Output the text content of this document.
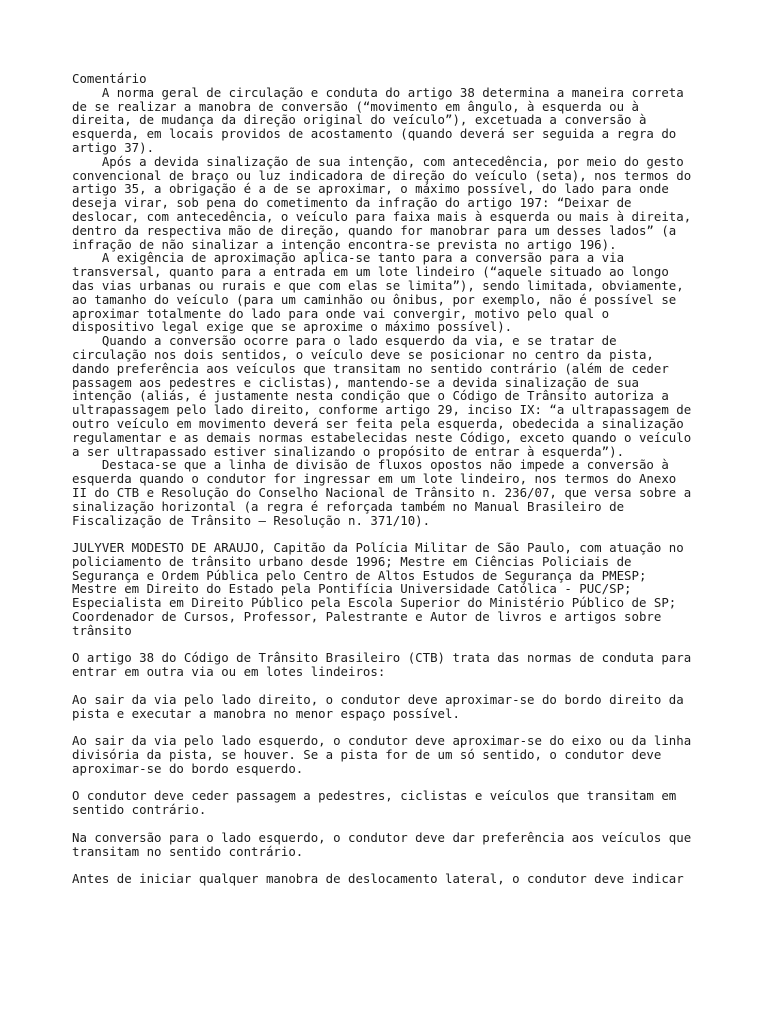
Comentário
A norma geral de circulação e conduta do artigo 38 determina a maneira correta
de se realizar a manobra de conversão (“movimento em ângulo, à esquerda ou à
direita, de mudança da direção original do veículo”), excetuada a conversão à
esquerda, em locais providos de acostamento (quando deverá ser seguida a regra do
artigo 37).
Após a devida sinalização de sua intenção, com antecedência, por meio do gesto
convencional de braço ou luz indicadora de direção do veículo (seta), nos termos do
artigo 35, a obrigação é a de se aproximar, o máximo possível, do lado para onde
deseja virar, sob pena do cometimento da infração do artigo 197: “Deixar de
deslocar, com antecedência, o veículo para faixa mais à esquerda ou mais à direita,
dentro da respectiva mão de direção, quando for manobrar para um desses lados” (a
infração de não sinalizar a intenção encontra-se prevista no artigo 196).
A exigência de aproximação aplica-se tanto para a conversão para a via
transversal, quanto para a entrada em um lote lindeiro (“aquele situado ao longo
das vias urbanas ou rurais e que com elas se limita”), sendo limitada, obviamente,
ao tamanho do veículo (para um caminhão ou ônibus, por exemplo, não é possível se
aproximar totalmente do lado para onde vai convergir, motivo pelo qual o
dispositivo legal exige que se aproxime o máximo possível).
Quando a conversão ocorre para o lado esquerdo da via, e se tratar de
circulação nos dois sentidos, o veículo deve se posicionar no centro da pista,
dando preferência aos veículos que transitam no sentido contrário (além de ceder
passagem aos pedestres e ciclistas), mantendo-se a devida sinalização de sua
intenção (aliás, é justamente nesta condição que o Código de Trânsito autoriza a
ultrapassagem pelo lado direito, conforme artigo 29, inciso IX: “a ultrapassagem de
outro veículo em movimento deverá ser feita pela esquerda, obedecida a sinalização
regulamentar e as demais normas estabelecidas neste Código, exceto quando o veículo
a ser ultrapassado estiver sinalizando o propósito de entrar à esquerda”).
Destaca-se que a linha de divisão de fluxos opostos não impede a conversão à
esquerda quando o condutor for ingressar em um lote lindeiro, nos termos do Anexo
II do CTB e Resolução do Conselho Nacional de Trânsito n. 236/07, que versa sobre a
sinalização horizontal (a regra é reforçada também no Manual Brasileiro de
Fiscalização de Trânsito – Resolução n. 371/10).
JULYVER MODESTO DE ARAUJO, Capitão da Polícia Militar de São Paulo, com atuação no
policiamento de trânsito urbano desde 1996; Mestre em Ciências Policiais de
Segurança e Ordem Pública pelo Centro de Altos Estudos de Segurança da PMESP;
Mestre em Direito do Estado pela Pontifícia Universidade Católica - PUC/SP;
Especialista em Direito Público pela Escola Superior do Ministério Público de SP;
Coordenador de Cursos, Professor, Palestrante e Autor de livros e artigos sobre
trânsito
O artigo 38 do Código de Trânsito Brasileiro (CTB) trata das normas de conduta para
entrar em outra via ou em lotes lindeiros:
Ao sair da via pelo lado direito, o condutor deve aproximar-se do bordo direito da
pista e executar a manobra no menor espaço possível.
Ao sair da via pelo lado esquerdo, o condutor deve aproximar-se do eixo ou da linha
divisória da pista, se houver. Se a pista for de um só sentido, o condutor deve
aproximar-se do bordo esquerdo.
O condutor deve ceder passagem a pedestres, ciclistas e veículos que transitam em
sentido contrário.
Na conversão para o lado esquerdo, o condutor deve dar preferência aos veículos que
transitam no sentido contrário.
Antes de iniciar qualquer manobra de deslocamento lateral, o condutor deve indicar
